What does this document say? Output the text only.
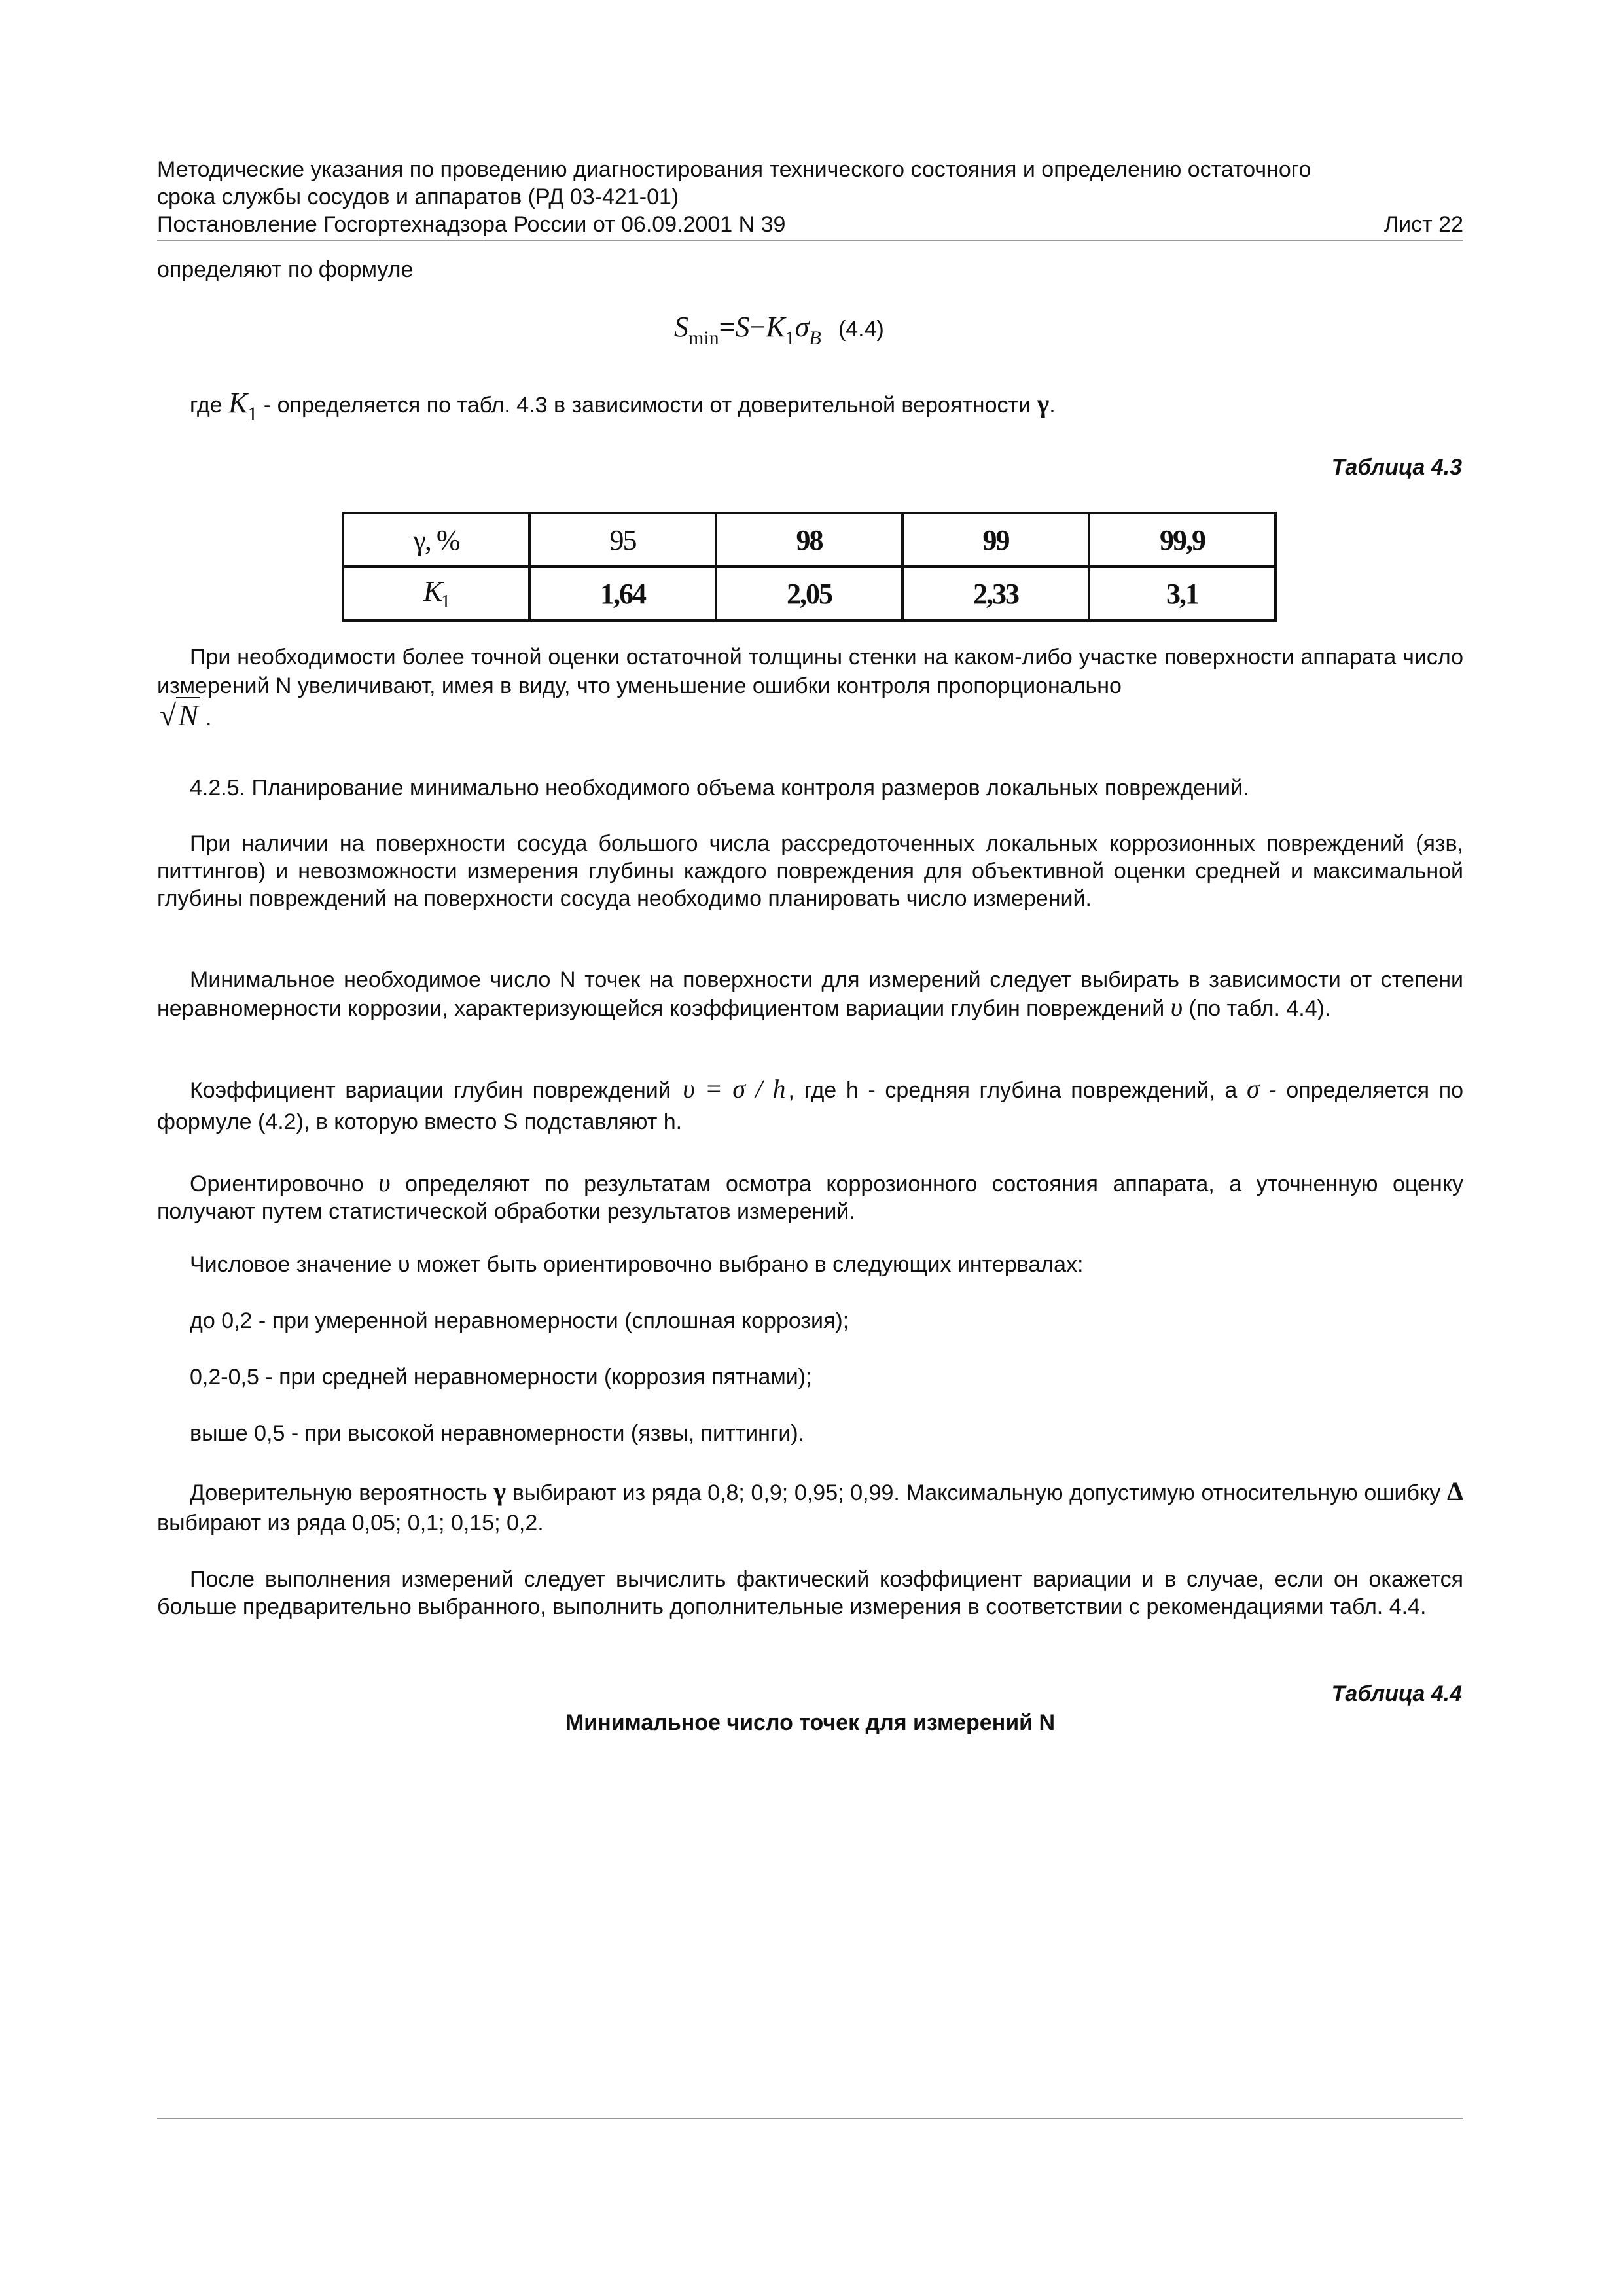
Методические указания по проведению диагностирования технического состояния и определению остаточного
срока службы сосудов и аппаратов (РД 03-421-01)
Постановление Госгортехнадзора России от 06.09.2001 N 39	Лист 22
определяют по формуле
$S_{min}=S-K_1\sigma_B$ (4.4)
где $K_1$ - определяется по табл. 4.3 в зависимости от доверительной вероятности γ.
Таблица 4.3
γ, %	95	98	99	99,9
$K_1$	1,64	2,05	2,33	3,1
При необходимости более точной оценки остаточной толщины стенки на каком-либо участке поверхности аппарата число измерений N увеличивают, имея в виду, что уменьшение ошибки контроля пропорционально
√N .
4.2.5. Планирование минимально необходимого объема контроля размеров локальных повреждений.
При наличии на поверхности сосуда большого числа рассредоточенных локальных коррозионных повреждений (язв, питтингов) и невозможности измерения глубины каждого повреждения для объективной оценки средней и максимальной глубины повреждений на поверхности сосуда необходимо планировать число измерений.
Минимальное необходимое число N точек на поверхности для измерений следует выбирать в зависимости от степени неравномерности коррозии, характеризующейся коэффициентом вариации глубин повреждений υ (по табл. 4.4).
Коэффициент вариации глубин повреждений υ = σ / h , где h - средняя глубина повреждений, а σ - определяется по формуле (4.2), в которую вместо S подставляют h.
Ориентировочно υ определяют по результатам осмотра коррозионного состояния аппарата, а уточненную оценку получают путем статистической обработки результатов измерений.
Числовое значение υ может быть ориентировочно выбрано в следующих интервалах:
до 0,2 - при умеренной неравномерности (сплошная коррозия);
0,2-0,5 - при средней неравномерности (коррозия пятнами);
выше 0,5 - при высокой неравномерности (язвы, питтинги).
Доверительную вероятность γ выбирают из ряда 0,8; 0,9; 0,95; 0,99. Максимальную допустимую относительную ошибку Δ выбирают из ряда 0,05; 0,1; 0,15; 0,2.
После выполнения измерений следует вычислить фактический коэффициент вариации и в случае, если он окажется больше предварительно выбранного, выполнить дополнительные измерения в соответствии с рекомендациями табл. 4.4.
Таблица 4.4
Минимальное число точек для измерений N
